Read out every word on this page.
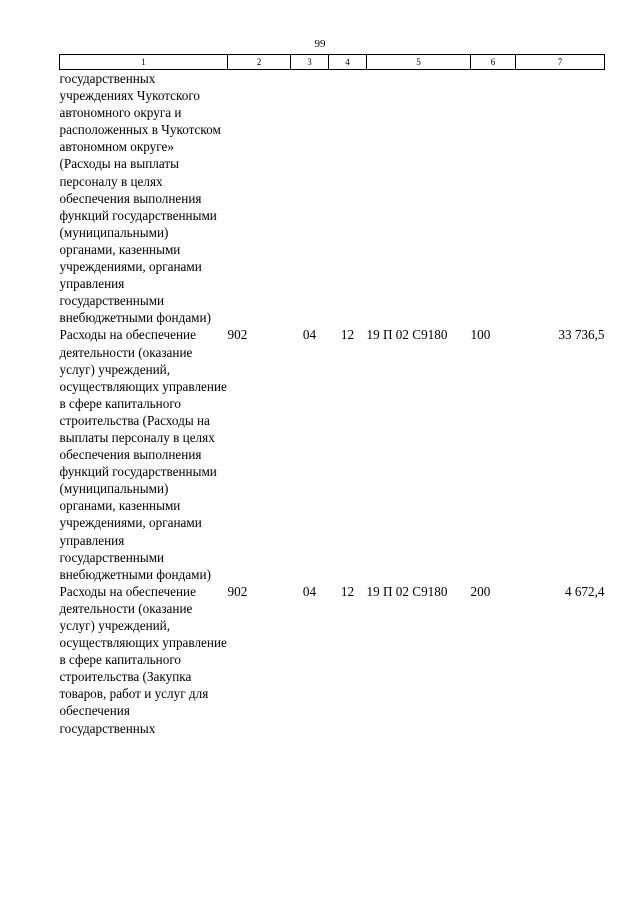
99
1	2	3	4	5	6	7
государственных учреждениях Чукотского автономного округа и расположенных в Чукотском автономном округе» (Расходы на выплаты персоналу в целях обеспечения выполнения функций государственными (муниципальными) органами, казенными учреждениями, органами управления государственными внебюджетными фондами)						
Расходы на обеспечение деятельности (оказание услуг) учреждений, осуществляющих управление в сфере капитального строительства (Расходы на выплаты персоналу в целях обеспечения выполнения функций государственными (муниципальными) органами, казенными учреждениями, органами управления государственными внебюджетными фондами)	902	04	12	19 П 02 С9180	100	33 736,5
Расходы на обеспечение деятельности (оказание услуг) учреждений, осуществляющих управление в сфере капитального строительства (Закупка товаров, работ и услуг для обеспечения государственных	902	04	12	19 П 02 С9180	200	4 672,4
